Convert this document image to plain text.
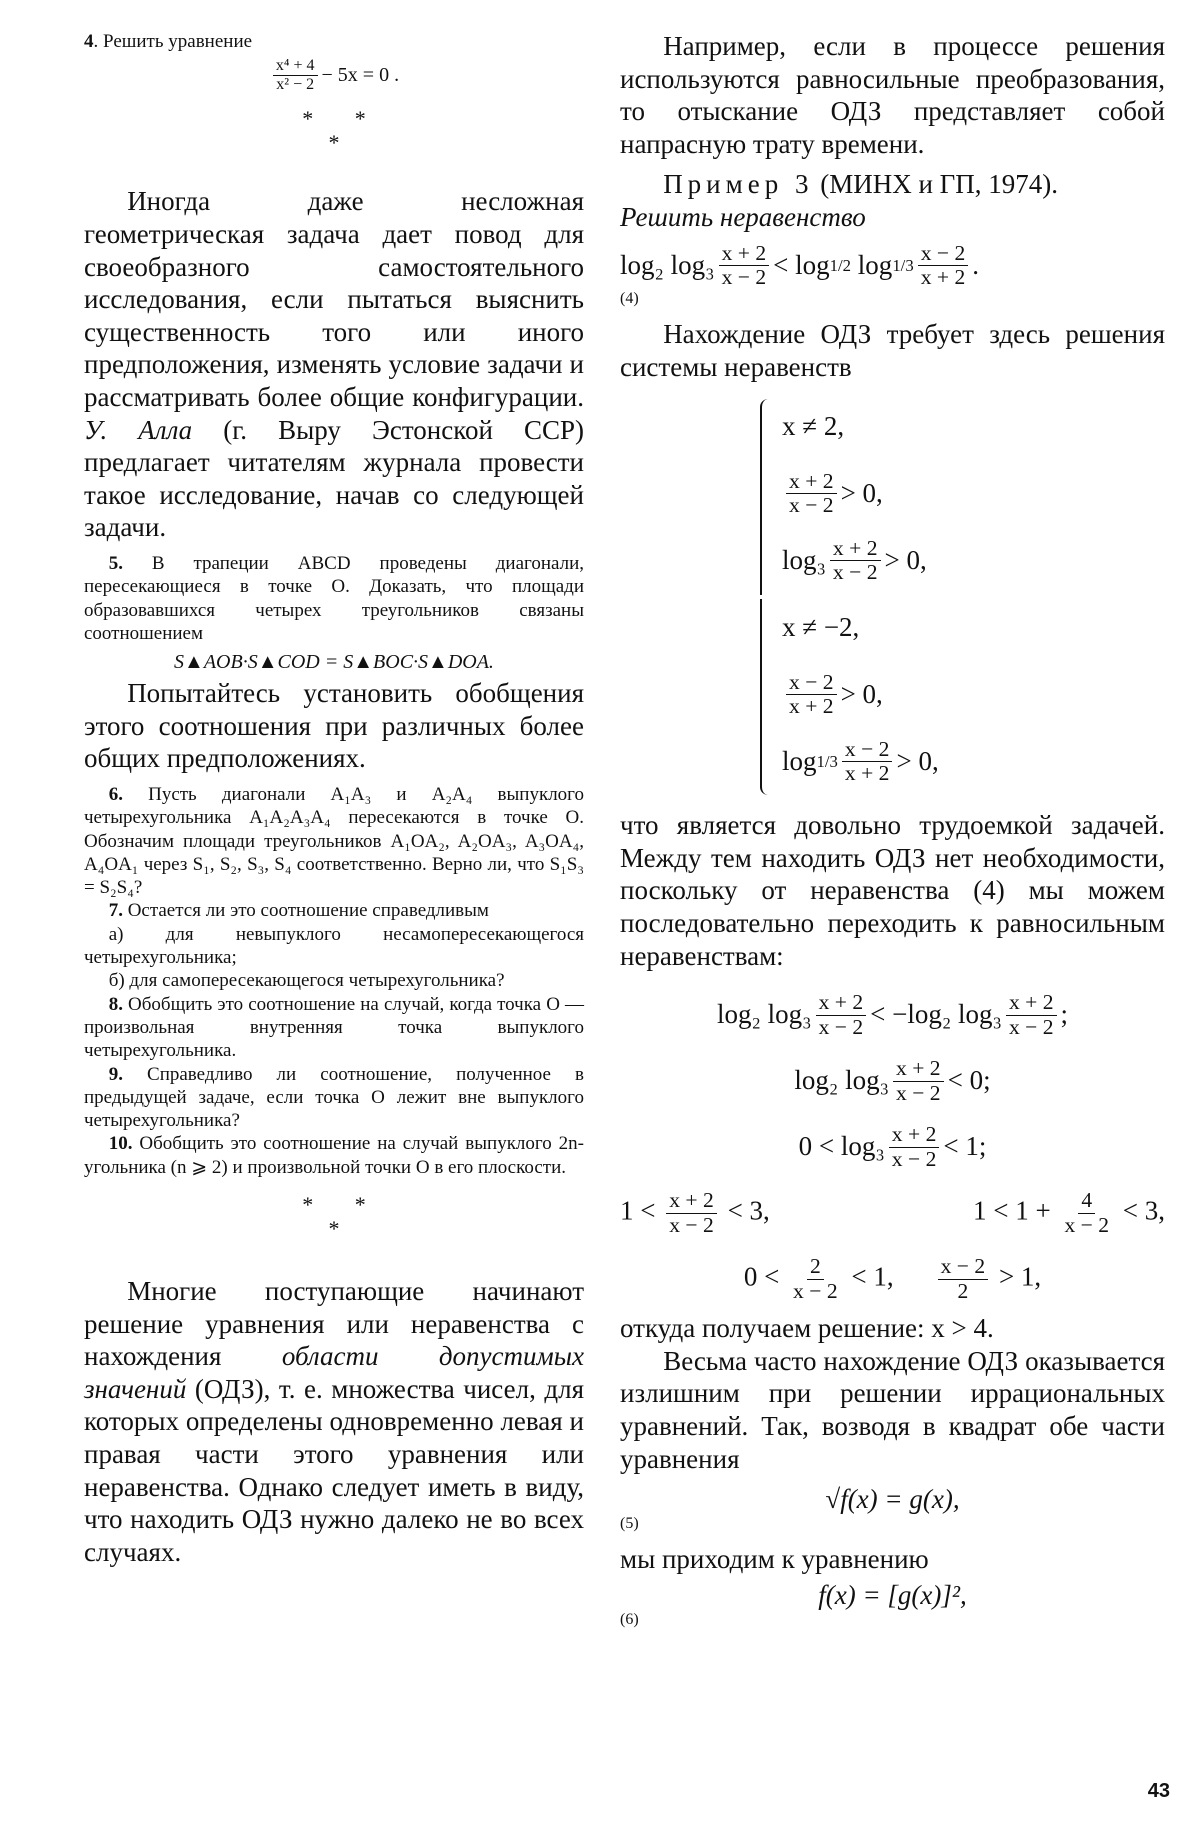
4. Решить уравнение

$\frac{\text{x⁴ + 4}}{\text{x² − 2}} - 5x = 0$ .
* *
*

Иногда даже несложная геометрическая задача дает повод для своеобразного самостоятельного исследования, если пытаться выяснить существенность того или иного предположения, изменять условие задачи и рассматривать более общие конфигурации. У. Алла (г. Выру Эстонской ССР) предлагает читателям журнала провести такое исследование, начав со следующей задачи.

5. В трапеции ABCD проведены диагонали, пересекающиеся в точке O. Доказать, что площади образовавшихся четырех треугольников связаны соотношением

S▲AOB·S▲COD = S▲BOC·S▲DOA.

Попытайтесь установить обобщения этого соотношения при различных более общих предположениях.

6. Пусть диагонали A₁A₃ и A₂A₄ выпуклого четырехугольника A₁A₂A₃A₄ пересекаются в точке O. Обозначим площади треугольников A₁OA₂, A₂OA₃, A₃OA₄, A₄OA₁ через S₁, S₂, S₃, S₄ соответственно. Верно ли, что S₁S₃ = S₂S₄?

7. Остается ли это соотношение справедливым

а) для невыпуклого несамопересекающегося четырехугольника;

б) для самопересекающегося четырехугольника?

8. Обобщить это соотношение на случай, когда точка O — произвольная внутренняя точка выпуклого четырехугольника.

9. Справедливо ли соотношение, полученное в предыдущей задаче, если точка O лежит вне выпуклого четырехугольника?

10. Обобщить это соотношение на случай выпуклого 2n-угольника (n ⩾ 2) и произвольной точки O в его плоскости.

* *
*

Многие поступающие начинают решение уравнения или неравенства с нахождения области допустимых значений (ОДЗ), т. е. множества чисел, для которых определены одновременно левая и правая части этого уравнения или неравенства. Однако следует иметь в виду, что находить ОДЗ нужно далеко не во всех случаях.

Например, если в процессе решения используются равносильные преобразования, то отыскание ОДЗ представляет собой напрасную трату времени.

Пример 3 (МИНХ и ГП, 1974).

Решить неравенство

log₂ $\log_3 \frac{x + 2}{x - 2} < \log 1/2$
$\log 1/3 \frac{x - 2}{x + 2}$ .
(4)

Нахождение ОДЗ требует здесь решения системы неравенств

x ≠ 2,
$\frac{x + 2}{x - 2} > 0$,
$\log_3 \frac{x + 2}{x - 2} > 0$,
x ≠ −2,
$\frac{x - 2}{x + 2} > 0$,
$\log 1/3 \frac{x - 2}{x + 2} > 0$,

что является довольно трудоемкой задачей. Между тем находить ОДЗ нет необходимости, поскольку от неравенства (4) мы можем последовательно переходить к равносильным неравенствам:

log₂ $\log_3 \frac{x + 2}{x - 2} < -\log_2$ $\log_3 \frac{x + 2}{x - 2}$ ;
log₂ $\log_3 \frac{x + 2}{x - 2} < 0$;
$0 < \log_3 \frac{x + 2}{x - 2} < 1$;
$1 < \frac{x + 2}{x - 2} < 3$,	$1 < 1 + \frac{4}{x - 2} < 3$,
$0 < \frac{2}{x - 2} < 1$, $\frac{x - 2}{2} > 1$,

откуда получаем решение: x > 4.

Весьма часто нахождение ОДЗ оказывается излишним при решении иррациональных уравнений. Так, возводя в квадрат обе части уравнения

√f(x) = g(x),
(5)

мы приходим к уравнению

f(x) = [g(x)]²,
(6)
43
